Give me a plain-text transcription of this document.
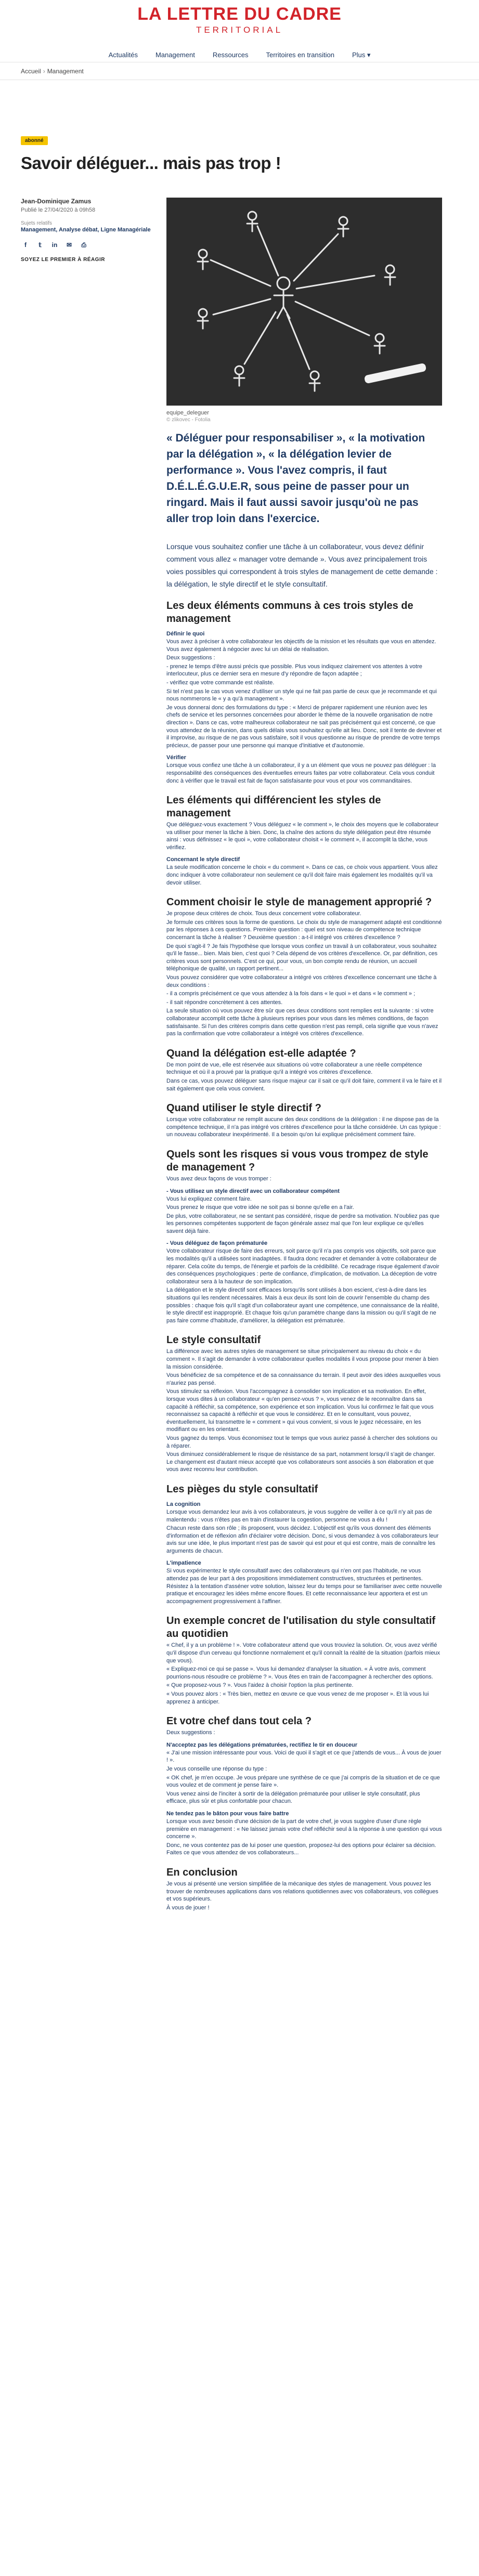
LA LETTRE DU CADRE
TERRITORIAL
Actualités	Management	Ressources	Territoires en transition	Plus ▾
Accueil › Management
abonné
Savoir déléguer... mais pas trop !
Jean-Dominique Zamus
Publié le 27/04/2020 à 09h58
Sujets relatifs
Management, Analyse débat, Ligne Managériale
f	𝕥	in	✉	⎙
SOYEZ LE PREMIER À RÉAGIR
equipe_deleguer
© zlikovec - Fotolia

« Déléguer pour responsabiliser », « la motivation par la délégation », « la délégation levier de performance ». Vous l'avez compris, il faut D.É.L.É.G.U.E.R, sous peine de passer pour un ringard. Mais il faut aussi savoir jusqu'où ne pas aller trop loin dans l'exercice.

Lorsque vous souhaitez confier une tâche à un collaborateur, vous devez définir comment vous allez « manager votre demande ». Vous avez principalement trois voies possibles qui correspondent à trois styles de management de cette demande : la délégation, le style directif et le style consultatif.

Les deux éléments communs à ces trois styles de management
Définir le quoi

Vous avez à préciser à votre collaborateur les objectifs de la mission et les résultats que vous en attendez. Vous avez également à négocier avec lui un délai de réalisation.

Deux suggestions :

- prenez le temps d'être aussi précis que possible. Plus vous indiquez clairement vos attentes à votre interlocuteur, plus ce dernier sera en mesure d'y répondre de façon adaptée ;

- vérifiez que votre commande est réaliste.

Si tel n'est pas le cas vous venez d'utiliser un style qui ne fait pas partie de ceux que je recommande et qui nous nommerons le « y a qu'à management ».

Je vous donnerai donc des formulations du type : « Merci de préparer rapidement une réunion avec les chefs de service et les personnes concernées pour aborder le thème de la nouvelle organisation de notre direction ». Dans ce cas, votre malheureux collaborateur ne sait pas précisément qui est concerné, ce que vous attendez de la réunion, dans quels délais vous souhaitez qu'elle ait lieu. Donc, soit il tente de deviner et il improvise, au risque de ne pas vous satisfaire, soit il vous questionne au risque de prendre de votre temps précieux, de passer pour une personne qui manque d'initiative et d'autonomie.

Vérifier

Lorsque vous confiez une tâche à un collaborateur, il y a un élément que vous ne pouvez pas déléguer : la responsabilité des conséquences des éventuelles erreurs faites par votre collaborateur. Cela vous conduit donc à vérifier que le travail est fait de façon satisfaisante pour vous et pour vos commanditaires.

Les éléments qui différencient les styles de management

Que déléguez-vous exactement ? Vous déléguez « le comment », le choix des moyens que le collaborateur va utiliser pour mener la tâche à bien. Donc, la chaîne des actions du style délégation peut être résumée ainsi : vous définissez « le quoi », votre collaborateur choisit « le comment », il accomplit la tâche, vous vérifiez.

Concernant le style directif

La seule modification concerne le choix « du comment ». Dans ce cas, ce choix vous appartient. Vous allez donc indiquer à votre collaborateur non seulement ce qu'il doit faire mais également les modalités qu'il va devoir utiliser.

Comment choisir le style de management approprié ?

Je propose deux critères de choix. Tous deux concernent votre collaborateur.

Je formule ces critères sous la forme de questions. Le choix du style de management adapté est conditionné par les réponses à ces questions. Première question : quel est son niveau de compétence technique concernant la tâche à réaliser ? Deuxième question : a-t-il intégré vos critères d'excellence ?

De quoi s'agit-il ? Je fais l'hypothèse que lorsque vous confiez un travail à un collaborateur, vous souhaitez qu'il le fasse... bien. Mais bien, c'est quoi ? Cela dépend de vos critères d'excellence. Or, par définition, ces critères vous sont personnels. C'est ce qui, pour vous, un bon compte rendu de réunion, un accueil téléphonique de qualité, un rapport pertinent...

Vous pouvez considérer que votre collaborateur a intégré vos critères d'excellence concernant une tâche à deux conditions :

- il a compris précisément ce que vous attendez à la fois dans « le quoi » et dans « le comment » ;

- il sait répondre concrètement à ces attentes.

La seule situation où vous pouvez être sûr que ces deux conditions sont remplies est la suivante : si votre collaborateur accomplit cette tâche à plusieurs reprises pour vous dans les mêmes conditions, de façon satisfaisante. Si l'un des critères compris dans cette question n'est pas rempli, cela signifie que vous n'avez pas la confirmation que votre collaborateur a intégré vos critères d'excellence.

Quand la délégation est-elle adaptée ?

De mon point de vue, elle est réservée aux situations où votre collaborateur a une réelle compétence technique et où il a prouvé par la pratique qu'il a intégré vos critères d'excellence.

Dans ce cas, vous pouvez déléguer sans risque majeur car il sait ce qu'il doit faire, comment il va le faire et il sait également que cela vous convient.

Quand utiliser le style directif ?

Lorsque votre collaborateur ne remplit aucune des deux conditions de la délégation : il ne dispose pas de la compétence technique, il n'a pas intégré vos critères d'excellence pour la tâche considérée. Un cas typique : un nouveau collaborateur inexpérimenté. Il a besoin qu'on lui explique précisément comment faire.

Quels sont les risques si vous vous trompez de style de management ?

Vous avez deux façons de vous tromper :

- Vous utilisez un style directif avec un collaborateur compétent

Vous lui expliquez comment faire.

Vous prenez le risque que votre idée ne soit pas si bonne qu'elle en a l'air.

De plus, votre collaborateur, ne se sentant pas considéré, risque de perdre sa motivation. N'oubliez pas que les personnes compétentes supportent de façon générale assez mal que l'on leur explique ce qu'elles savent déjà faire.

- Vous déléguez de façon prématurée

Votre collaborateur risque de faire des erreurs, soit parce qu'il n'a pas compris vos objectifs, soit parce que les modalités qu'il a utilisées sont inadaptées. Il faudra donc recadrer et demander à votre collaborateur de réparer. Cela coûte du temps, de l'énergie et parfois de la crédibilité. Ce recadrage risque également d'avoir des conséquences psychologiques : perte de confiance, d'implication, de motivation. La déception de votre collaborateur sera à la hauteur de son implication.

La délégation et le style directif sont efficaces lorsqu'ils sont utilisés à bon escient, c'est-à-dire dans les situations qui les rendent nécessaires. Mais à eux deux ils sont loin de couvrir l'ensemble du champ des possibles : chaque fois qu'il s'agit d'un collaborateur ayant une compétence, une connaissance de la réalité, le style directif est inapproprié. Et chaque fois qu'un paramètre change dans la mission ou qu'il s'agit de ne pas faire comme d'habitude, d'améliorer, la délégation est prématurée.

Le style consultatif

La différence avec les autres styles de management se situe principalement au niveau du choix « du comment ». Il s'agit de demander à votre collaborateur quelles modalités il vous propose pour mener à bien la mission considérée.

Vous bénéficiez de sa compétence et de sa connaissance du terrain. Il peut avoir des idées auxquelles vous n'auriez pas pensé.

Vous stimulez sa réflexion. Vous l'accompagnez à consolider son implication et sa motivation. En effet, lorsque vous dites à un collaborateur « qu'en pensez-vous ? », vous venez de le reconnaître dans sa capacité à réfléchir, sa compétence, son expérience et son implication. Vous lui confirmez le fait que vous reconnaissez sa capacité à réfléchir et que vous le considérez. Et en le consultant, vous pouvez, éventuellement, lui transmettre le « comment » qui vous convient, si vous le jugez nécessaire, en les modifiant ou en les orientant.

Vous gagnez du temps. Vous économisez tout le temps que vous auriez passé à chercher des solutions ou à réparer.

Vous diminuez considérablement le risque de résistance de sa part, notamment lorsqu'il s'agit de changer. Le changement est d'autant mieux accepté que vos collaborateurs sont associés à son élaboration et que vous avez reconnu leur contribution.

Les pièges du style consultatif
La cognition

Lorsque vous demandez leur avis à vos collaborateurs, je vous suggère de veiller à ce qu'il n'y ait pas de malentendu : vous n'êtes pas en train d'instaurer la cogestion, personne ne vous a élu !

Chacun reste dans son rôle ; ils proposent, vous décidez. L'objectif est qu'ils vous donnent des éléments d'information et de réflexion afin d'éclairer votre décision. Donc, si vous demandez à vos collaborateurs leur avis sur une idée, le plus important n'est pas de savoir qui est pour et qui est contre, mais de connaître les arguments de chacun.

L'impatience

Si vous expérimentez le style consultatif avec des collaborateurs qui n'en ont pas l'habitude, ne vous attendez pas de leur part à des propositions immédiatement constructives, structurées et pertinentes. Résistez à la tentation d'asséner votre solution, laissez leur du temps pour se familiariser avec cette nouvelle pratique et encouragez les idées même encore floues. Et cette reconnaissance leur apportera et est un accompagnement progressivement à l'affiner.

Un exemple concret de l'utilisation du style consultatif au quotidien

« Chef, il y a un problème ! ». Votre collaborateur attend que vous trouviez la solution. Or, vous avez vérifié qu'il dispose d'un cerveau qui fonctionne normalement et qu'il connaît la réalité de la situation (parfois mieux que vous).

« Expliquez-moi ce qui se passe ». Vous lui demandez d'analyser la situation. « À votre avis, comment pourrions-nous résoudre ce problème ? ». Vous êtes en train de l'accompagner à rechercher des options.

« Que proposez-vous ? ». Vous l'aidez à choisir l'option la plus pertinente.

« Vous pouvez alors : « Très bien, mettez en œuvre ce que vous venez de me proposer ». Et là vous lui apprenez à anticiper.

Et votre chef dans tout cela ?

Deux suggestions :

N'acceptez pas les délégations prématurées, rectifiez le tir en douceur

« J'ai une mission intéressante pour vous. Voici de quoi il s'agit et ce que j'attends de vous... À vous de jouer ! ».

Je vous conseille une réponse du type :

« OK chef, je m'en occupe. Je vous prépare une synthèse de ce que j'ai compris de la situation et de ce que vous voulez et de comment je pense faire ».

Vous venez ainsi de l'inciter à sortir de la délégation prématurée pour utiliser le style consultatif, plus efficace, plus sûr et plus confortable pour chacun.

Ne tendez pas le bâton pour vous faire battre

Lorsque vous avez besoin d'une décision de la part de votre chef, je vous suggère d'user d'une règle première en management : « Ne laissez jamais votre chef réfléchir seul à la réponse à une question qui vous concerne ».

Donc, ne vous contentez pas de lui poser une question, proposez-lui des options pour éclairer sa décision. Faites ce que vous attendez de vos collaborateurs...

En conclusion

Je vous ai présenté une version simplifiée de la mécanique des styles de management. Vous pouvez les trouver de nombreuses applications dans vos relations quotidiennes avec vos collaborateurs, vos collègues et vos supérieurs.

À vous de jouer !
